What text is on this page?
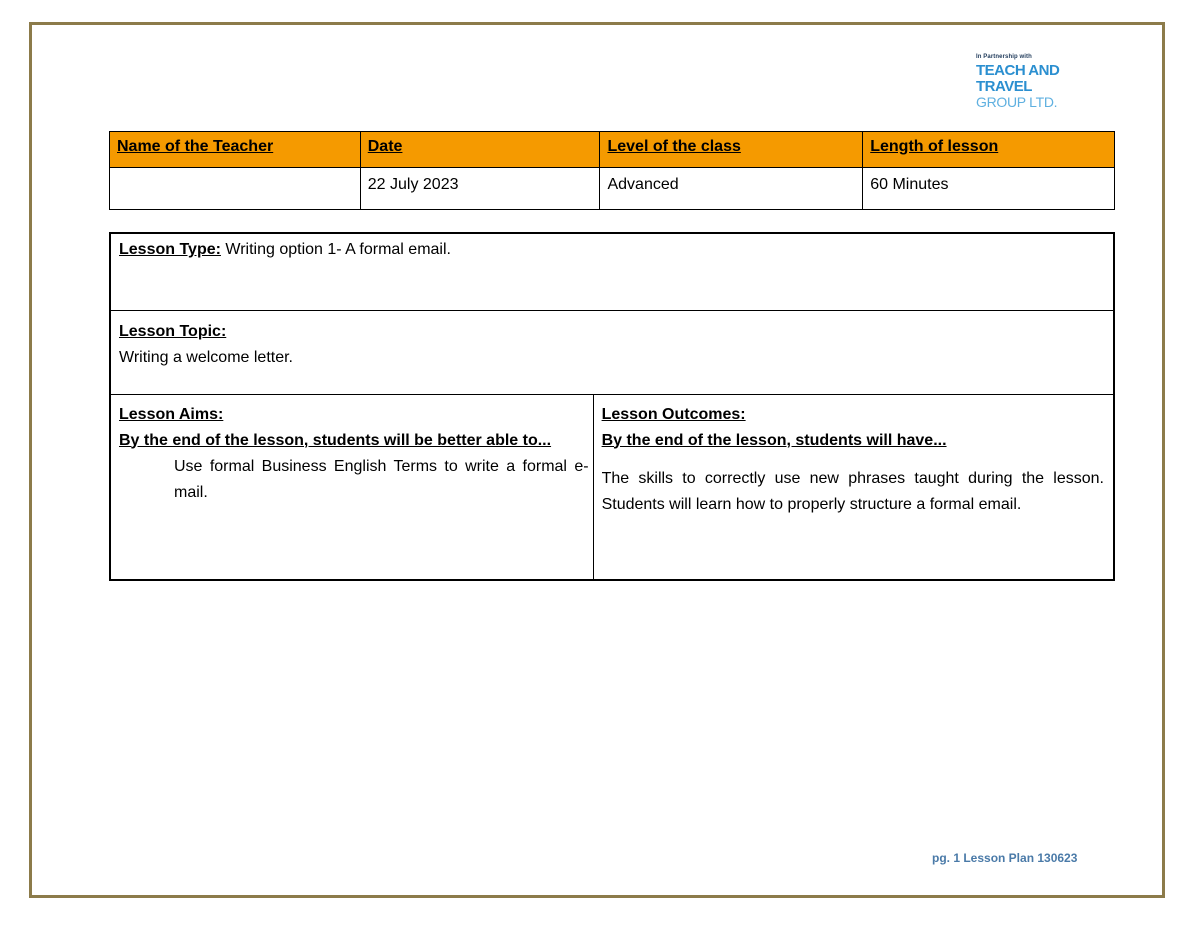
In Partnership with
TEACH AND TRAVEL
GROUP LTD.
Name of the Teacher	Date	Level of the class	Length of lesson
	22 July 2023	Advanced	60 Minutes
Lesson Type: Writing option 1- A formal email.

Lesson Topic:
Writing a welcome letter.

Lesson Aims:
By the end of the lesson, students will be better able to...
Use formal Business English Terms to write a formal e-mail.

Lesson Outcomes:
By the end of the lesson, students will have...
The skills to correctly use new phrases taught during the lesson. Students will learn how to properly structure a formal email.
pg. 1 Lesson Plan 130623
